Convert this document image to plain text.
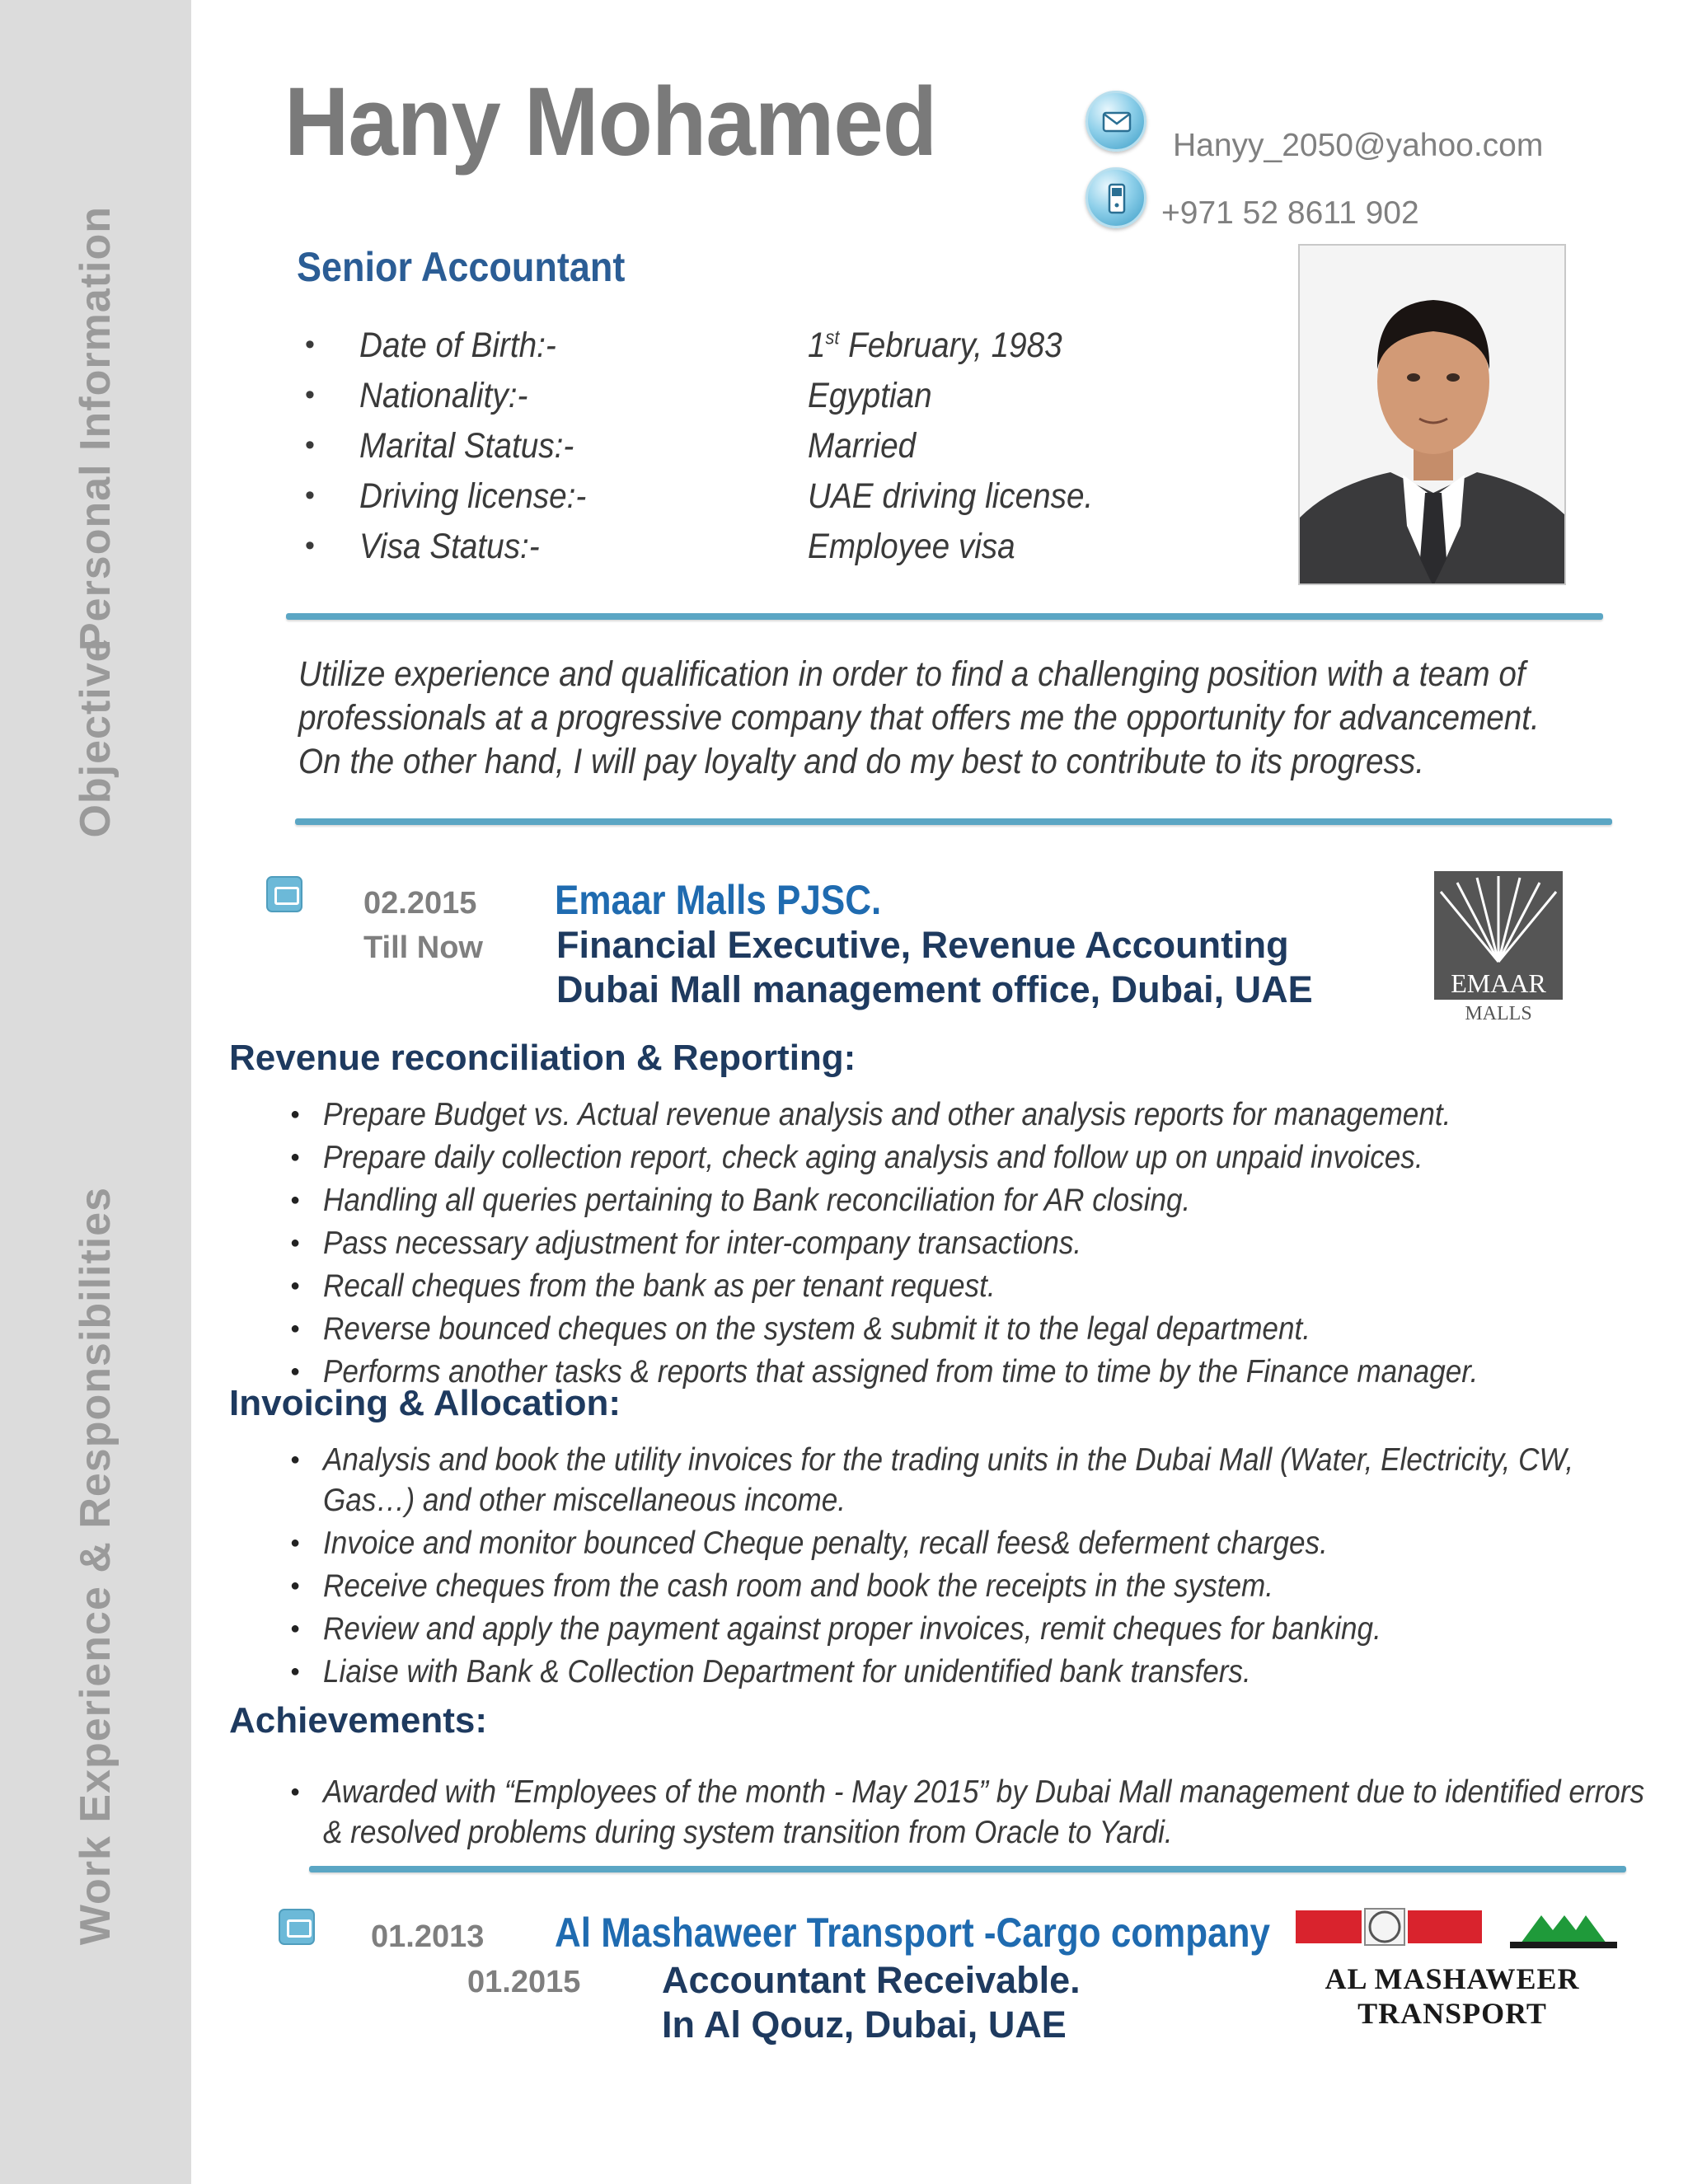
Personal Information
Objective
Work Experience & Responsibilities
Hany Mohamed	Hanyy_2050@yahoo.com
+971 52 8611 902
Senior Accountant
• Date of Birth:-	1st February, 1983
• Nationality:-	Egyptian
• Marital Status:-	Married
• Driving license:-	UAE driving license.
• Visa Status:-	Employee visa

Utilize experience and qualification in order to find a challenging position with a team of

professionals at a progressive company that offers me the opportunity for advancement.

On the other hand, I will pay loyalty and do my best to contribute to its progress.

02.2015
Till Now
Emaar Malls PJSC.
Financial Executive, Revenue Accounting
Dubai Mall management office, Dubai, UAE	EMAAR
MALLS
Revenue reconciliation & Reporting:
● Prepare Budget vs. Actual revenue analysis and other analysis reports for management.
● Prepare daily collection report, check aging analysis and follow up on unpaid invoices.
● Handling all queries pertaining to Bank reconciliation for AR closing.
● Pass necessary adjustment for inter-company transactions.
● Recall cheques from the bank as per tenant request.
● Reverse bounced cheques on the system & submit it to the legal department.
● Performs another tasks & reports that assigned from time to time by the Finance manager.
Invoicing & Allocation:
● Analysis and book the utility invoices for the trading units in the Dubai Mall (Water, Electricity, CW, Gas…) and other miscellaneous income.
● Invoice and monitor bounced Cheque penalty, recall fees& deferment charges.
● Receive cheques from the cash room and book the receipts in the system.
● Review and apply the payment against proper invoices, remit cheques for banking.
● Liaise with Bank & Collection Department for unidentified bank transfers.
Achievements:
● Awarded with “Employees of the month - May 2015” by Dubai Mall management due to identified errors & resolved problems during system transition from Oracle to Yardi.
01.2013
01.2015
Al Mashaweer Transport -Cargo company
Accountant Receivable.
In Al Qouz, Dubai, UAE
AL MASHAWEER
TRANSPORT
